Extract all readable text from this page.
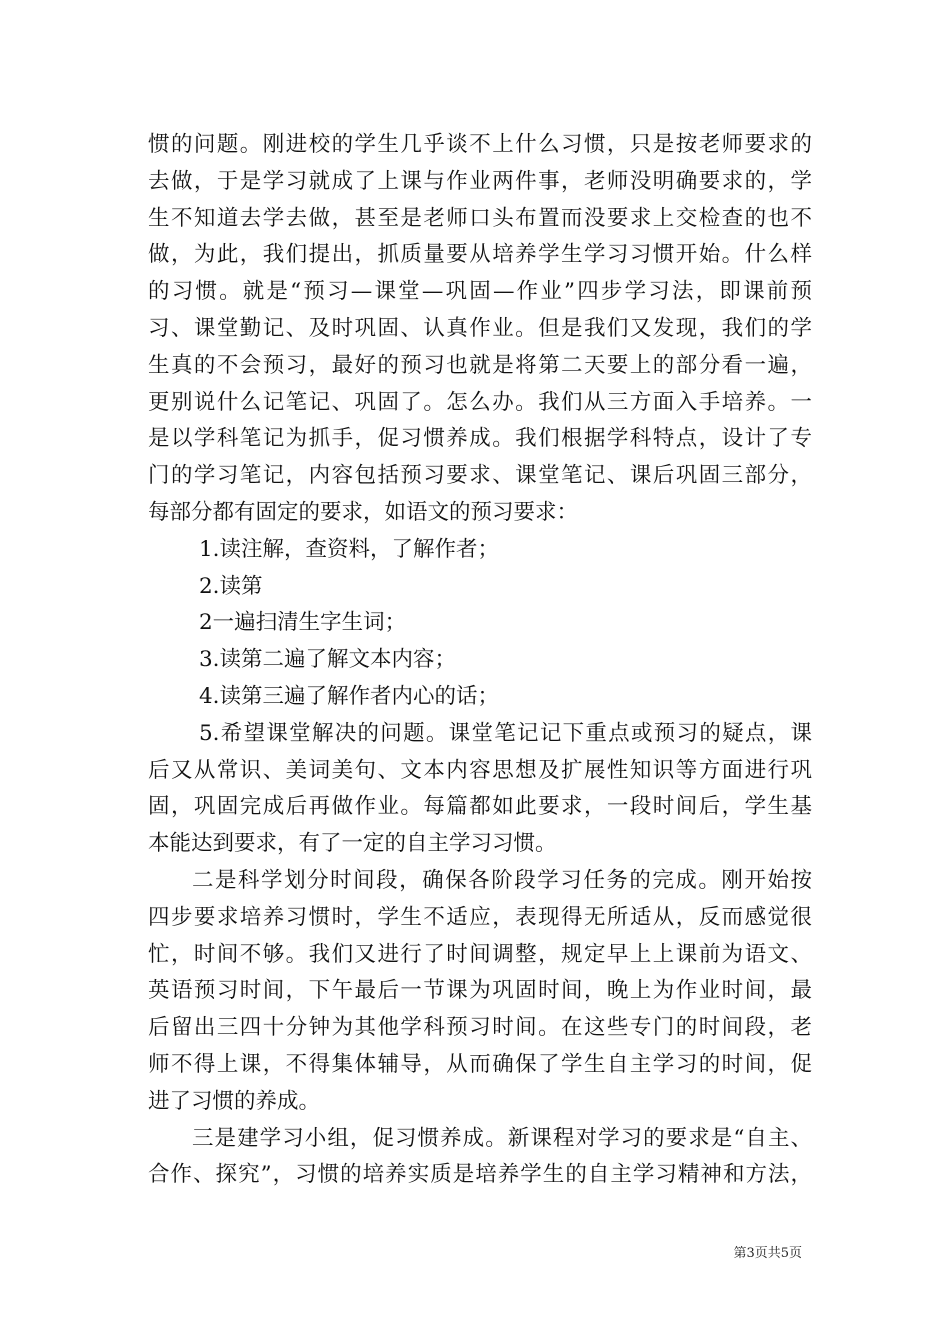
惯的问题。刚进校的学生几乎谈不上什么习惯，只是按老师要求的
去做，于是学习就成了上课与作业两件事，老师没明确要求的，学
生不知道去学去做，甚至是老师口头布置而没要求上交检查的也不
做，为此，我们提出，抓质量要从培养学生学习习惯开始。什么样
的习惯。就是“预习—课堂—巩固—作业”四步学习法，即课前预
习、课堂勤记、及时巩固、认真作业。但是我们又发现，我们的学
生真的不会预习，最好的预习也就是将第二天要上的部分看一遍，
更别说什么记笔记、巩固了。怎么办。我们从三方面入手培养。一
是以学科笔记为抓手，促习惯养成。我们根据学科特点，设计了专
门的学习笔记，内容包括预习要求、课堂笔记、课后巩固三部分，
每部分都有固定的要求，如语文的预习要求：
1.读注解，查资料，了解作者；
2.读第
2一遍扫清生字生词；
3.读第二遍了解文本内容；
4.读第三遍了解作者内心的话；
5.希望课堂解决的问题。课堂笔记记下重点或预习的疑点，课
后又从常识、美词美句、文本内容思想及扩展性知识等方面进行巩
固，巩固完成后再做作业。每篇都如此要求，一段时间后，学生基
本能达到要求，有了一定的自主学习习惯。
二是科学划分时间段，确保各阶段学习任务的完成。刚开始按
四步要求培养习惯时，学生不适应，表现得无所适从，反而感觉很
忙，时间不够。我们又进行了时间调整，规定早上上课前为语文、
英语预习时间，下午最后一节课为巩固时间，晚上为作业时间，最
后留出三四十分钟为其他学科预习时间。在这些专门的时间段，老
师不得上课，不得集体辅导，从而确保了学生自主学习的时间，促
进了习惯的养成。
三是建学习小组，促习惯养成。新课程对学习的要求是“自主、
合作、探究”，习惯的培养实质是培养学生的自主学习精神和方法，
第3页共5页
